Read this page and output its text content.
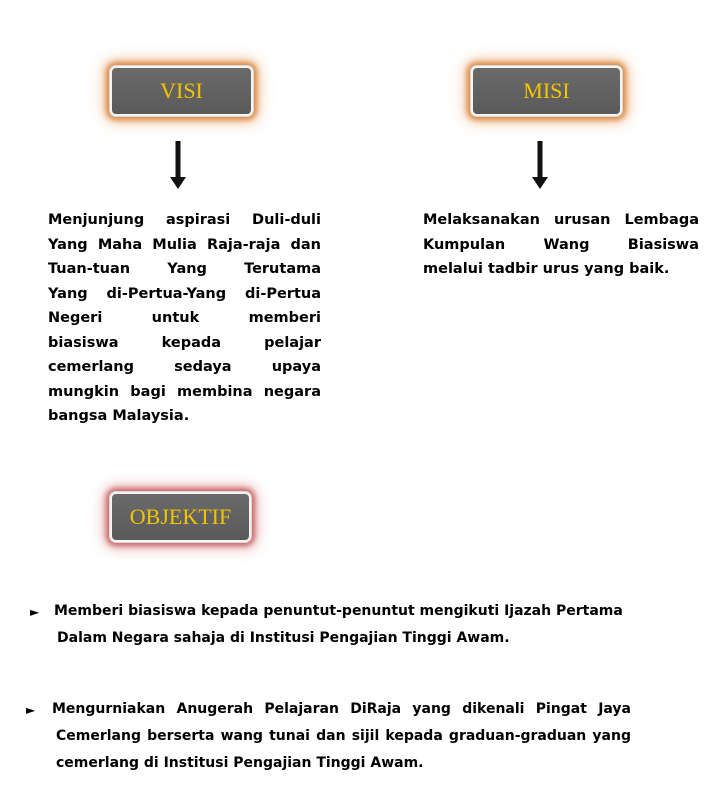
VISI	MISI
Menjunjung aspirasi Duli-duli
Yang Maha Mulia Raja-raja dan
Tuan-tuan Yang Terutama
Yang di-Pertua-Yang di-Pertua
Negeri untuk memberi
biasiswa kepada pelajar
cemerlang sedaya upaya
mungkin bagi membina negara
bangsa Malaysia.
Melaksanakan urusan Lembaga
Kumpulan Wang Biasiswa
melalui tadbir urus yang baik.
OBJEKTIF
►	Memberi biasiswa kepada penuntut-penuntut mengikuti Ijazah Pertama
Dalam Negara sahaja di Institusi Pengajian Tinggi Awam.
►	Mengurniakan Anugerah Pelajaran DiRaja yang dikenali Pingat Jaya
Cemerlang berserta wang tunai dan sijil kepada graduan-graduan yang
cemerlang di Institusi Pengajian Tinggi Awam.
